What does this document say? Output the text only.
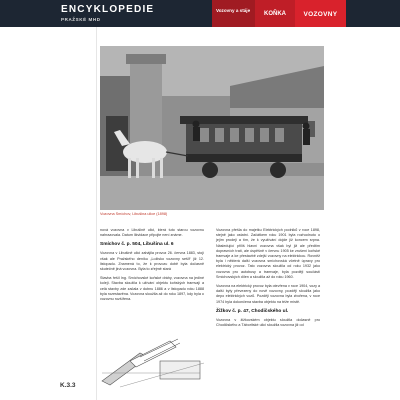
ENCYKLOPEDIE
PRAŽSKÉ MHD
Vozovny a stáje
KOŇKA	VOZOVNY
K.3.3
Vozovna Smíchov, Libušina ulice (1898)

nová vozovna v Libušině ulici, která tuto starou vozovnu nahrazovala. Datum likvidace připojte není známe.

Smíchov č. p. 504, Libušina ul. 6

Vozovna v Libušině ulici zahájila provoz 26. června 1883, stojí však ale Pražského deníku „Ložisko vozovny sešli“ již 12. listopadu. Znamená to, že k provozu době byla dočasně skutečně jiná vozovna. Byla to zřejmě stará

Stavba řešil Ing. Smíchovské koňské dráhy, vozovna na jediné kolejí. Stavba sloužila k užívání objektu koňských tramvají a celá stavby zde začala v dubnu 1886 a v listopadu roku 1888 byla rozestavěna. Vozovna sloužila až do roku 1897, kdy byla o vozovnu rozšířena.

Vozovna přešla do majetku Elektrických podniků v roce 1898, stejně jako ostatní. Začátkem roku 1901 byla rozhodnuto o jejím prodeji a tím, že k využívání dojde již koncem srpna. Následující příliš hlavní vozovna však byl již ale předtím dopravních tratí, ale úspěšně v červnu 1905 ke zrušení koňské tramvaje a ke přestavbě zdejší vozovny na elektrickou. Rovněž byla i některá další vozovna smíchovská včetně úpravy pro elektrický provoz. Tato vozovna sloužila od roku 1932 jako vozovna pro autobusy a tramvaje, byla později součástí Smíchovských dílen a sloužila až do roku 1960.

Vozovna na elektrický provoz byla otevřena v roce 1904, vozy a další byly převezeny do nově vozovny, později sloužila jako depo elektrických vozů. Později vozovna byla zbořena, v roce 1974 byla dokončena stavba objektu na téže místě.

Žižkov č. p. 47, Chodičského ul.

Vozovna v žižkovském objektu sloužila dočasně pro Chodičského a Táboritské ulici sloužila vozovna již od
